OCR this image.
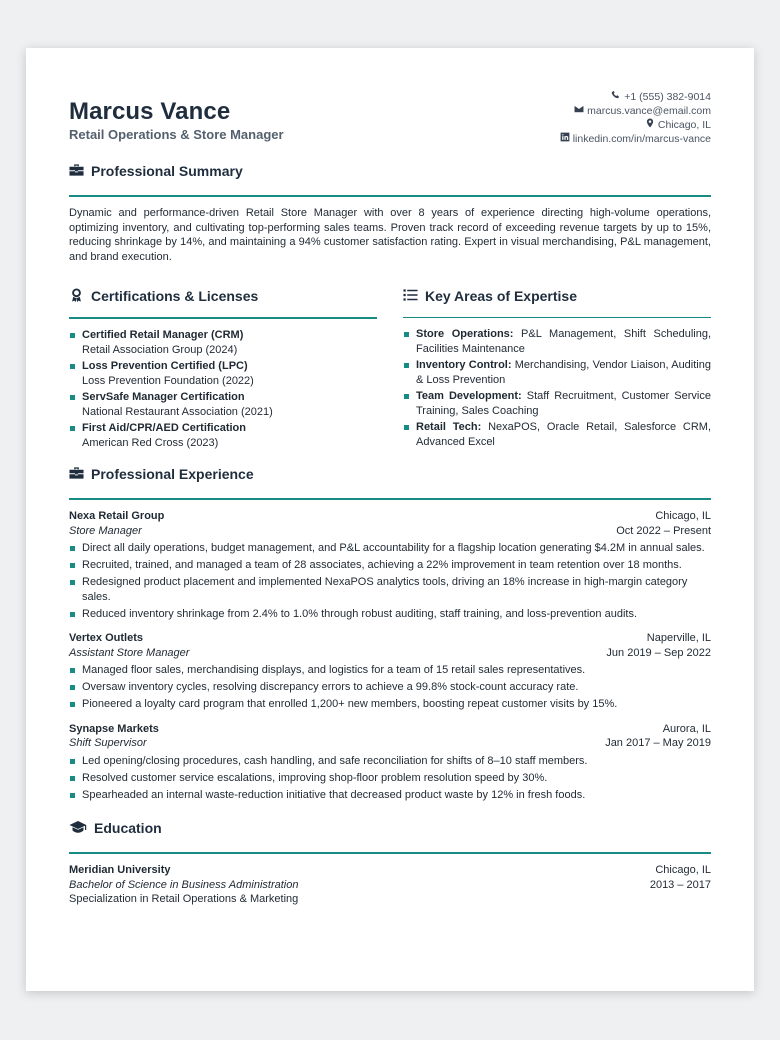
Marcus Vance
Retail Operations & Store Manager
+1 (555) 382-9014
marcus.vance@email.com
Chicago, IL
linkedin.com/in/marcus-vance
Professional Summary

Dynamic and performance-driven Retail Store Manager with over 8 years of experience directing high-volume operations, optimizing inventory, and cultivating top-performing sales teams. Proven track record of exceeding revenue targets by up to 15%, reducing shrinkage by 14%, and maintaining a 94% customer satisfaction rating. Expert in visual merchandising, P&L management, and brand execution.

Certifications & Licenses
Certified Retail Manager (CRM)
Retail Association Group (2024)
Loss Prevention Certified (LPC)
Loss Prevention Foundation (2022)
ServSafe Manager Certification
National Restaurant Association (2021)
First Aid/CPR/AED Certification
American Red Cross (2023)
Key Areas of Expertise
Store Operations: P&L Management, Shift Scheduling, Facilities Maintenance
Inventory Control: Merchandising, Vendor Liaison, Auditing & Loss Prevention
Team Development: Staff Recruitment, Customer Service Training, Sales Coaching
Retail Tech: NexaPOS, Oracle Retail, Salesforce CRM, Advanced Excel
Professional Experience
Nexa Retail Group	Chicago, IL
Store Manager	Oct 2022 – Present
Direct all daily operations, budget management, and P&L accountability for a flagship location generating $4.2M in annual sales.
Recruited, trained, and managed a team of 28 associates, achieving a 22% improvement in team retention over 18 months.
Redesigned product placement and implemented NexaPOS analytics tools, driving an 18% increase in high-margin category sales.
Reduced inventory shrinkage from 2.4% to 1.0% through robust auditing, staff training, and loss-prevention audits.
Vertex Outlets	Naperville, IL
Assistant Store Manager	Jun 2019 – Sep 2022
Managed floor sales, merchandising displays, and logistics for a team of 15 retail sales representatives.
Oversaw inventory cycles, resolving discrepancy errors to achieve a 99.8% stock-count accuracy rate.
Pioneered a loyalty card program that enrolled 1,200+ new members, boosting repeat customer visits by 15%.
Synapse Markets	Aurora, IL
Shift Supervisor	Jan 2017 – May 2019
Led opening/closing procedures, cash handling, and safe reconciliation for shifts of 8–10 staff members.
Resolved customer service escalations, improving shop-floor problem resolution speed by 30%.
Spearheaded an internal waste-reduction initiative that decreased product waste by 12% in fresh foods.
Education
Meridian University	Chicago, IL
Bachelor of Science in Business Administration	2013 – 2017
Specialization in Retail Operations & Marketing
